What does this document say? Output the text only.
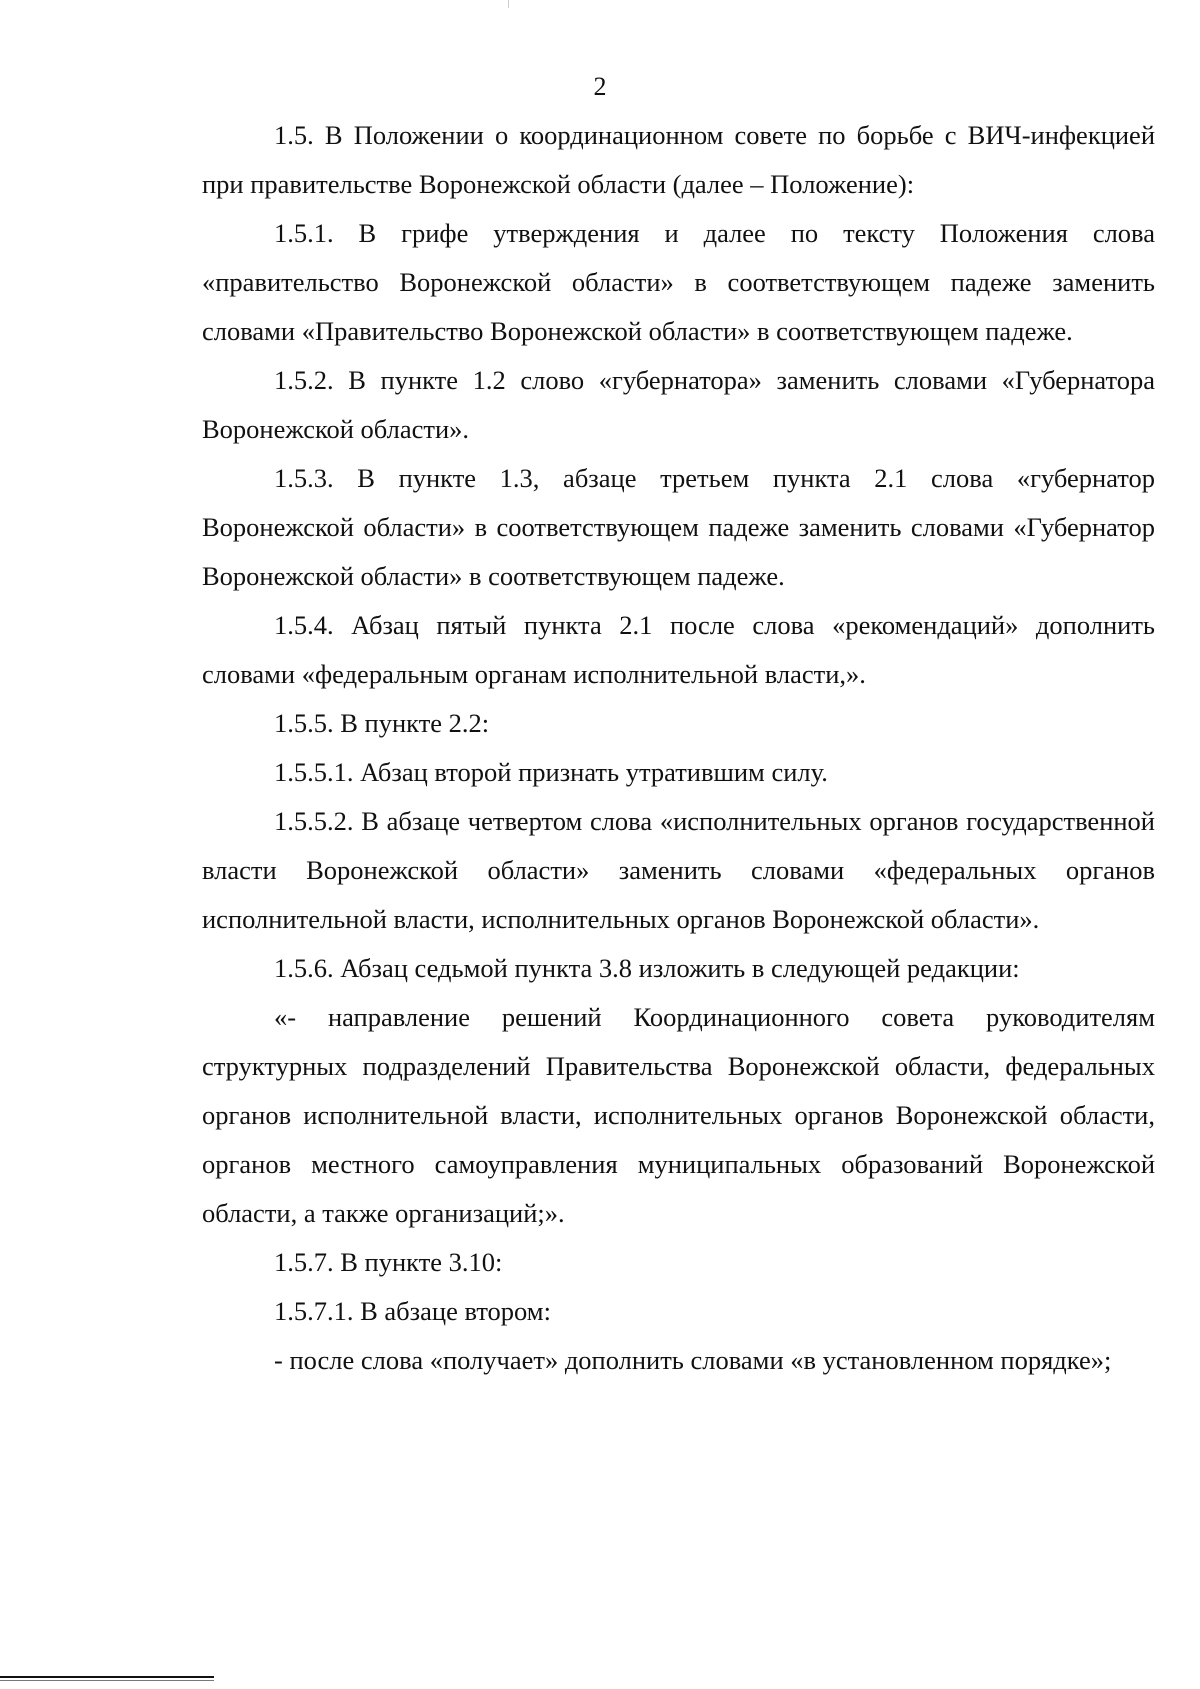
2

1.5. В Положении о координационном совете по борьбе с ВИЧ-инфекцией при правительстве Воронежской области (далее – Положение):

1.5.1. В грифе утверждения и далее по тексту Положения слова «правительство Воронежской области» в соответствующем падеже заменить словами «Правительство Воронежской области» в соответствующем падеже.

1.5.2. В пункте 1.2 слово «губернатора» заменить словами «Губернатора Воронежской области».

1.5.3. В пункте 1.3, абзаце третьем пункта 2.1 слова «губернатор Воронежской области» в соответствующем падеже заменить словами «Губернатор Воронежской области» в соответствующем падеже.

1.5.4. Абзац пятый пункта 2.1 после слова «рекомендаций» дополнить словами «федеральным органам исполнительной власти,».

1.5.5. В пункте 2.2:

1.5.5.1. Абзац второй признать утратившим силу.

1.5.5.2. В абзаце четвертом слова «исполнительных органов государственной власти Воронежской области» заменить словами «федеральных органов исполнительной власти, исполнительных органов Воронежской области».

1.5.6. Абзац седьмой пункта 3.8 изложить в следующей редакции:

«- направление решений Координационного совета руководителям структурных подразделений Правительства Воронежской области, федеральных органов исполнительной власти, исполнительных органов Воронежской области, органов местного самоуправления муниципальных образований Воронежской области, а также организаций;».

1.5.7. В пункте 3.10:

1.5.7.1. В абзаце втором:

- после слова «получает» дополнить словами «в установленном порядке»;
